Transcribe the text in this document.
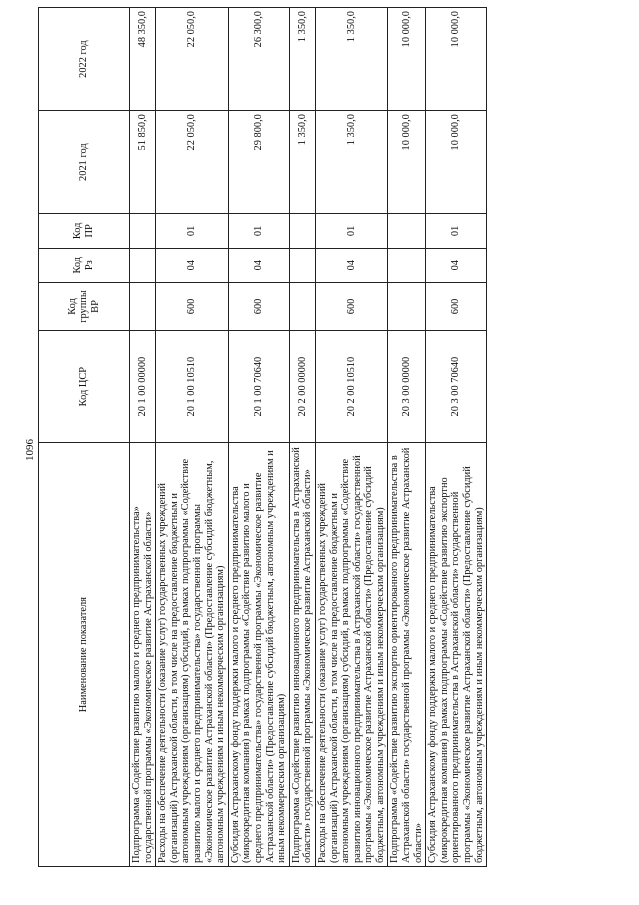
1096
Наименование показателя	Код ЦСР	Код группы ВР	Код Рз	Код ПР	2021 год	2022 год
Подпрограмма «Содействие развитию малого и среднего предпринимательства» государственной программы «Экономическое развитие Астраханской области»	20 1 00 00000				51 850,0	48 350,0
Расходы на обеспечение деятельности (оказание услуг) государственных учреждений (организаций) Астраханской области, в том числе на предоставление бюджетным и автономным учреждениям (организациям) субсидий, в рамках подпрограммы «Содействие развитию малого и среднего предпринимательства» государственной программы «Экономическое развитие Астраханской области» (Предоставление субсидий бюджетным, автономным учреждениям и иным некоммерческим организациям)	20 1 00 10510	600	04	01	22 050,0	22 050,0
Субсидия Астраханскому фонду поддержки малого и среднего предпринимательства (микрокредитная компания) в рамках подпрограммы «Содействие развитию малого и среднего предпринимательства» государственной программы «Экономическое развитие Астраханской области» (Предоставление субсидий бюджетным, автономным учреждениям и иным некоммерческим организациям)	20 1 00 70640	600	04	01	29 800,0	26 300,0
Подпрограмма «Содействие развитию инновационного предпринимательства в Астраханской области» государственной программы «Экономическое развитие Астраханской области»	20 2 00 00000				1 350,0	1 350,0
Расходы на обеспечение деятельности (оказание услуг) государственных учреждений (организаций) Астраханской области, в том числе на предоставление бюджетным и автономным учреждениям (организациям) субсидий, в рамках подпрограммы «Содействие развитию инновационного предпринимательства в Астраханской области» государственной программы «Экономическое развитие Астраханской области» (Предоставление субсидий бюджетным, автономным учреждениям и иным некоммерческим организациям)	20 2 00 10510	600	04	01	1 350,0	1 350,0
Подпрограмма «Содействие развитию экспортно ориентированного предпринимательства в Астраханской области» государственной программы «Экономическое развитие Астраханской области»	20 3 00 00000				10 000,0	10 000,0
Субсидия Астраханскому фонду поддержки малого и среднего предпринимательства (микрокредитная компания) в рамках подпрограммы «Содействие развитию экспортно ориентированного предпринимательства в Астраханской области» государственной программы «Экономическое развитие Астраханской области» (Предоставление субсидий бюджетным, автономным учреждениям и иным некоммерческим организациям)	20 3 00 70640	600	04	01	10 000,0	10 000,0
